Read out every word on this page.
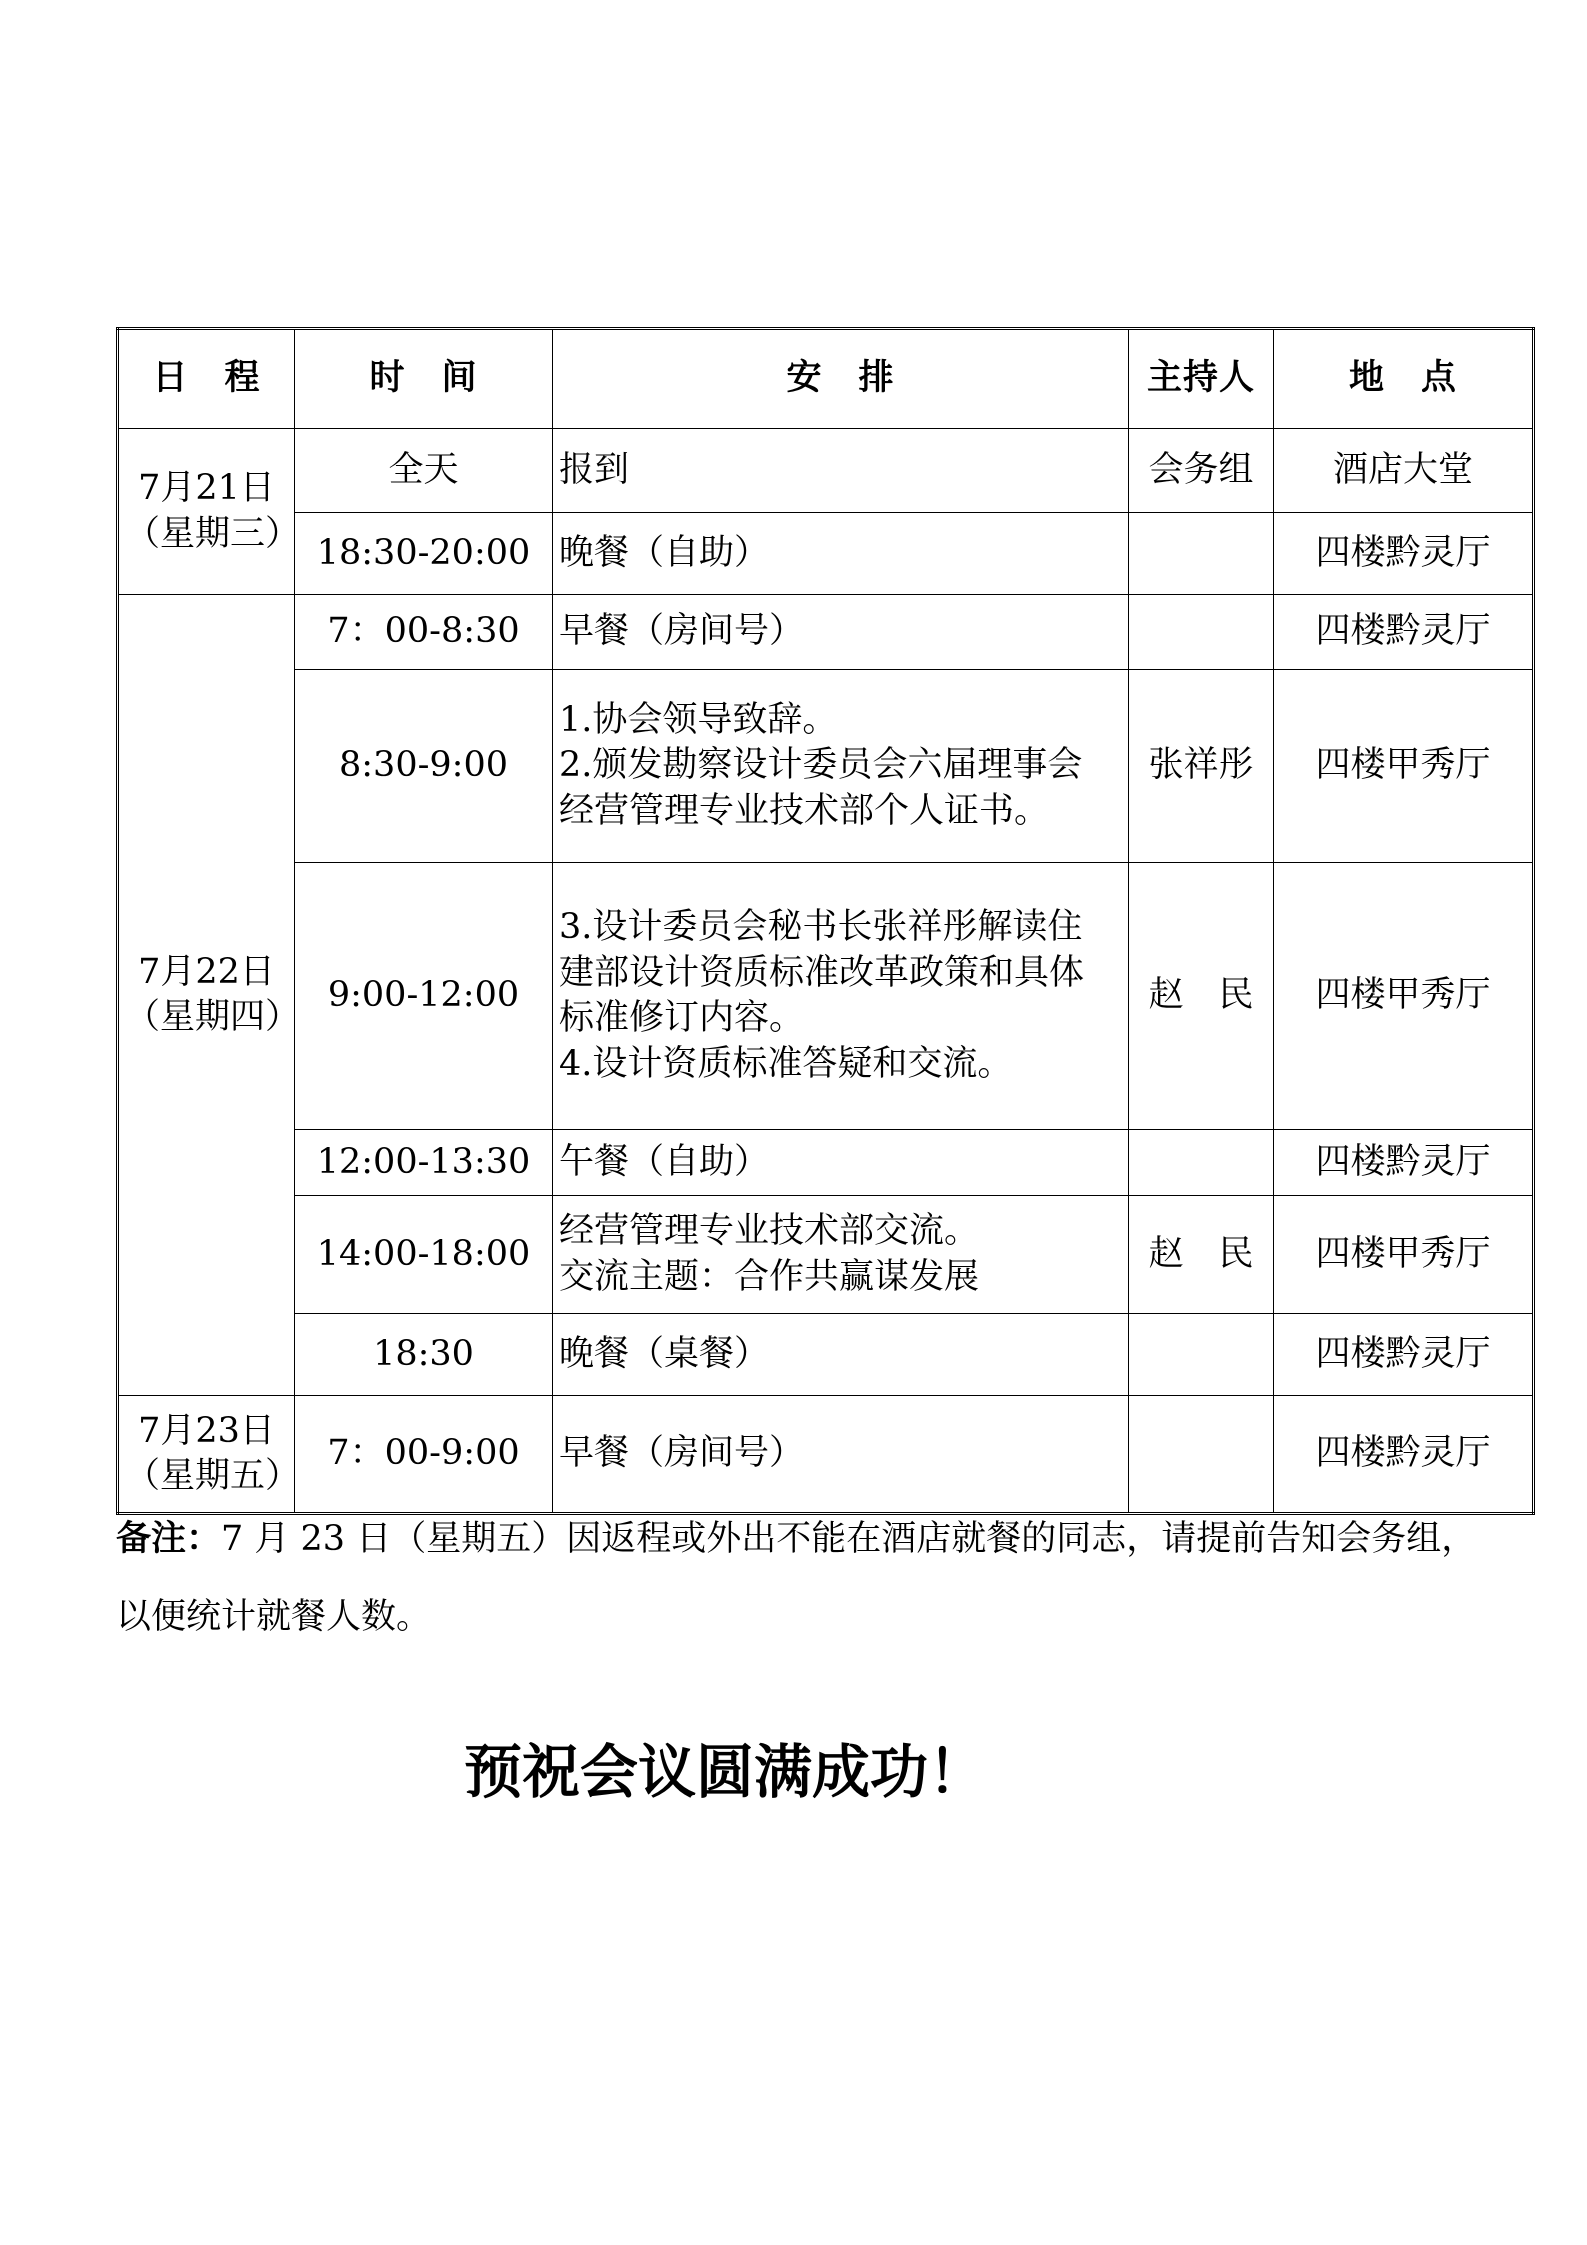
日　程	时　间	安　排	主持人	地　点

7月21日
（星期三）	全天	报到	会务组	酒店大堂
	18:30-20:00	晚餐（自助）		四楼黔灵厅

7月22日
（星期四）	7：00-8:30	早餐（房间号）		四楼黔灵厅
	8:30-9:00	1.协会领导致辞。
2.颁发勘察设计委员会六届理事会
经营管理专业技术部个人证书。	张祥彤	四楼甲秀厅
	9:00-12:00	3.设计委员会秘书长张祥彤解读住
建部设计资质标准改革政策和具体
标准修订内容。
4.设计资质标准答疑和交流。	赵　民	四楼甲秀厅
	12:00-13:30	午餐（自助）		四楼黔灵厅
	14:00-18:00	经营管理专业技术部交流。
交流主题：合作共赢谋发展	赵　民	四楼甲秀厅
	18:30	晚餐（桌餐）		四楼黔灵厅

7月23日
（星期五）	7：00-9:00	早餐（房间号）		四楼黔灵厅
备注：7 月 23 日（星期五）因返程或外出不能在酒店就餐的同志，请提前告知会务组，以便统计就餐人数。
预祝会议圆满成功！
